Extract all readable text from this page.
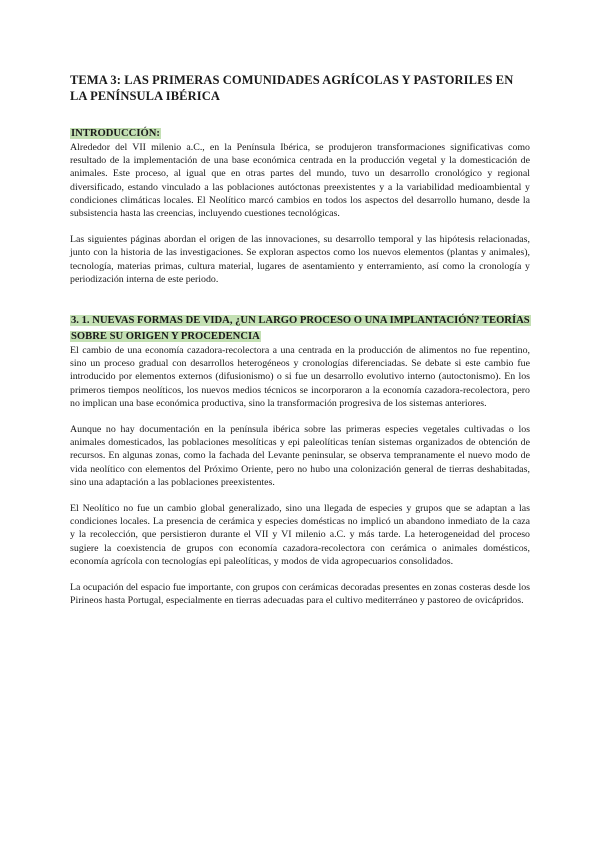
TEMA 3: LAS PRIMERAS COMUNIDADES AGRÍCOLAS Y PASTORILES EN LA PENÍNSULA IBÉRICA
INTRODUCCIÓN:

Alrededor del VII milenio a.C., en la Península Ibérica, se produjeron transformaciones significativas como resultado de la implementación de una base económica centrada en la producción vegetal y la domesticación de animales. Este proceso, al igual que en otras partes del mundo, tuvo un desarrollo cronológico y regional diversificado, estando vinculado a las poblaciones autóctonas preexistentes y a la variabilidad medioambiental y condiciones climáticas locales. El Neolítico marcó cambios en todos los aspectos del desarrollo humano, desde la subsistencia hasta las creencias, incluyendo cuestiones tecnológicas.

Las siguientes páginas abordan el origen de las innovaciones, su desarrollo temporal y las hipótesis relacionadas, junto con la historia de las investigaciones. Se exploran aspectos como los nuevos elementos (plantas y animales), tecnología, materias primas, cultura material, lugares de asentamiento y enterramiento, así como la cronología y periodización interna de este periodo.

3. 1. NUEVAS FORMAS DE VIDA, ¿UN LARGO PROCESO O UNA IMPLANTACIÓN? TEORÍAS SOBRE SU ORIGEN Y PROCEDENCIA

El cambio de una economía cazadora-recolectora a una centrada en la producción de alimentos no fue repentino, sino un proceso gradual con desarrollos heterogéneos y cronologías diferenciadas. Se debate si este cambio fue introducido por elementos externos (difusionismo) o si fue un desarrollo evolutivo interno (autoctonismo). En los primeros tiempos neolíticos, los nuevos medios técnicos se incorporaron a la economía cazadora-recolectora, pero no implican una base económica productiva, sino la transformación progresiva de los sistemas anteriores.

Aunque no hay documentación en la península ibérica sobre las primeras especies vegetales cultivadas o los animales domesticados, las poblaciones mesolíticas y epi paleolíticas tenían sistemas organizados de obtención de recursos. En algunas zonas, como la fachada del Levante peninsular, se observa tempranamente el nuevo modo de vida neolítico con elementos del Próximo Oriente, pero no hubo una colonización general de tierras deshabitadas, sino una adaptación a las poblaciones preexistentes.

El Neolítico no fue un cambio global generalizado, sino una llegada de especies y grupos que se adaptan a las condiciones locales. La presencia de cerámica y especies domésticas no implicó un abandono inmediato de la caza y la recolección, que persistieron durante el VII y VI milenio a.C. y más tarde. La heterogeneidad del proceso sugiere la coexistencia de grupos con economía cazadora-recolectora con cerámica o animales domésticos, economía agrícola con tecnologías epi paleolíticas, y modos de vida agropecuarios consolidados.

La ocupación del espacio fue importante, con grupos con cerámicas decoradas presentes en zonas costeras desde los Pirineos hasta Portugal, especialmente en tierras adecuadas para el cultivo mediterráneo y pastoreo de ovicápridos.
